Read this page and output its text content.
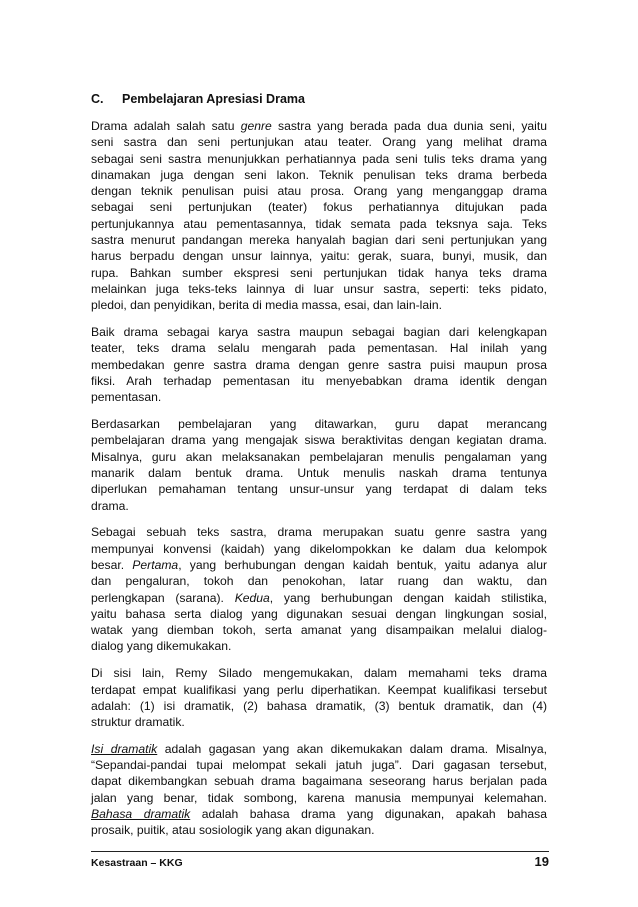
C. Pembelajaran Apresiasi Drama
Drama adalah salah satu genre sastra yang berada pada dua dunia seni, yaitu
seni sastra dan seni pertunjukan atau teater. Orang yang melihat drama
sebagai seni sastra menunjukkan perhatiannya pada seni tulis teks drama yang
dinamakan juga dengan seni lakon. Teknik penulisan teks drama berbeda
dengan teknik penulisan puisi atau prosa. Orang yang menganggap drama
sebagai seni pertunjukan (teater) fokus perhatiannya ditujukan pada
pertunjukannya atau pementasannya, tidak semata pada teksnya saja. Teks
sastra menurut pandangan mereka hanyalah bagian dari seni pertunjukan yang
harus berpadu dengan unsur lainnya, yaitu: gerak, suara, bunyi, musik, dan
rupa. Bahkan sumber ekspresi seni pertunjukan tidak hanya teks drama
melainkan juga teks-teks lainnya di luar unsur sastra, seperti: teks pidato,
pledoi, dan penyidikan, berita di media massa, esai, dan lain-lain.
Baik drama sebagai karya sastra maupun sebagai bagian dari kelengkapan
teater, teks drama selalu mengarah pada pementasan. Hal inilah yang
membedakan genre sastra drama dengan genre sastra puisi maupun prosa
fiksi. Arah terhadap pementasan itu menyebabkan drama identik dengan
pementasan.
Berdasarkan pembelajaran yang ditawarkan, guru dapat merancang
pembelajaran drama yang mengajak siswa beraktivitas dengan kegiatan drama.
Misalnya, guru akan melaksanakan pembelajaran menulis pengalaman yang
manarik dalam bentuk drama. Untuk menulis naskah drama tentunya
diperlukan pemahaman tentang unsur-unsur yang terdapat di dalam teks
drama.
Sebagai sebuah teks sastra, drama merupakan suatu genre sastra yang
mempunyai konvensi (kaidah) yang dikelompokkan ke dalam dua kelompok
besar. Pertama, yang berhubungan dengan kaidah bentuk, yaitu adanya alur
dan pengaluran, tokoh dan penokohan, latar ruang dan waktu, dan
perlengkapan (sarana). Kedua, yang berhubungan dengan kaidah stilistika,
yaitu bahasa serta dialog yang digunakan sesuai dengan lingkungan sosial,
watak yang diemban tokoh, serta amanat yang disampaikan melalui dialog-
dialog yang dikemukakan.
Di sisi lain, Remy Silado mengemukakan, dalam memahami teks drama
terdapat empat kualifikasi yang perlu diperhatikan. Keempat kualifikasi tersebut
adalah: (1) isi dramatik, (2) bahasa dramatik, (3) bentuk dramatik, dan (4)
struktur dramatik.
Isi dramatik adalah gagasan yang akan dikemukakan dalam drama. Misalnya,
“Sepandai-pandai tupai melompat sekali jatuh juga”. Dari gagasan tersebut,
dapat dikembangkan sebuah drama bagaimana seseorang harus berjalan pada
jalan yang benar, tidak sombong, karena manusia mempunyai kelemahan.
Bahasa dramatik adalah bahasa drama yang digunakan, apakah bahasa
prosaik, puitik, atau sosiologik yang akan digunakan.
Kesastraan – KKG	19
